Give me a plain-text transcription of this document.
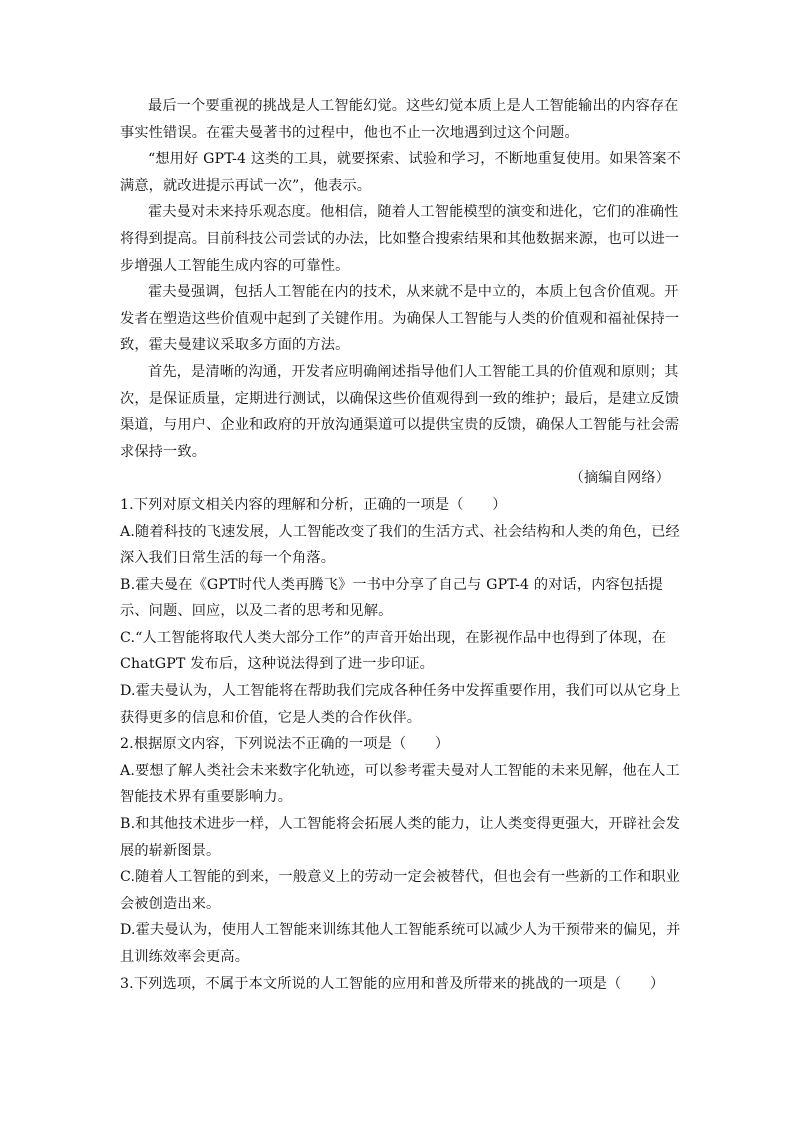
最后一个要重视的挑战是人工智能幻觉。这些幻觉本质上是人工智能输出的内容存在
事实性错误。在霍夫曼著书的过程中，他也不止一次地遇到过这个问题。
“想用好 GPT-4 这类的工具，就要探索、试验和学习，不断地重复使用。如果答案不
满意，就改进提示再试一次”，他表示。
霍夫曼对未来持乐观态度。他相信，随着人工智能模型的演变和进化，它们的准确性
将得到提高。目前科技公司尝试的办法，比如整合搜索结果和其他数据来源，也可以进一
步增强人工智能生成内容的可靠性。
霍夫曼强调，包括人工智能在内的技术，从来就不是中立的，本质上包含价值观。开
发者在塑造这些价值观中起到了关键作用。为确保人工智能与人类的价值观和福祉保持一
致，霍夫曼建议采取多方面的方法。
首先，是清晰的沟通，开发者应明确阐述指导他们人工智能工具的价值观和原则；其
次，是保证质量，定期进行测试，以确保这些价值观得到一致的维护；最后，是建立反馈
渠道，与用户、企业和政府的开放沟通渠道可以提供宝贵的反馈，确保人工智能与社会需
求保持一致。
（摘编自网络）
1.下列对原文相关内容的理解和分析，正确的一项是（　　）
A.随着科技的飞速发展，人工智能改变了我们的生活方式、社会结构和人类的角色，已经
深入我们日常生活的每一个角落。
B.霍夫曼在《GPT时代人类再腾飞》一书中分享了自己与 GPT-4 的对话，内容包括提
示、问题、回应，以及二者的思考和见解。
C.“人工智能将取代人类大部分工作”的声音开始出现，在影视作品中也得到了体现，在
ChatGPT 发布后，这种说法得到了进一步印证。
D.霍夫曼认为，人工智能将在帮助我们完成各种任务中发挥重要作用，我们可以从它身上
获得更多的信息和价值，它是人类的合作伙伴。
2.根据原文内容，下列说法不正确的一项是（　　）
A.要想了解人类社会未来数字化轨迹，可以参考霍夫曼对人工智能的未来见解，他在人工
智能技术界有重要影响力。
B.和其他技术进步一样，人工智能将会拓展人类的能力，让人类变得更强大，开辟社会发
展的崭新图景。
C.随着人工智能的到来，一般意义上的劳动一定会被替代，但也会有一些新的工作和职业
会被创造出来。
D.霍夫曼认为，使用人工智能来训练其他人工智能系统可以减少人为干预带来的偏见，并
且训练效率会更高。
3.下列选项，不属于本文所说的人工智能的应用和普及所带来的挑战的一项是（　　）
